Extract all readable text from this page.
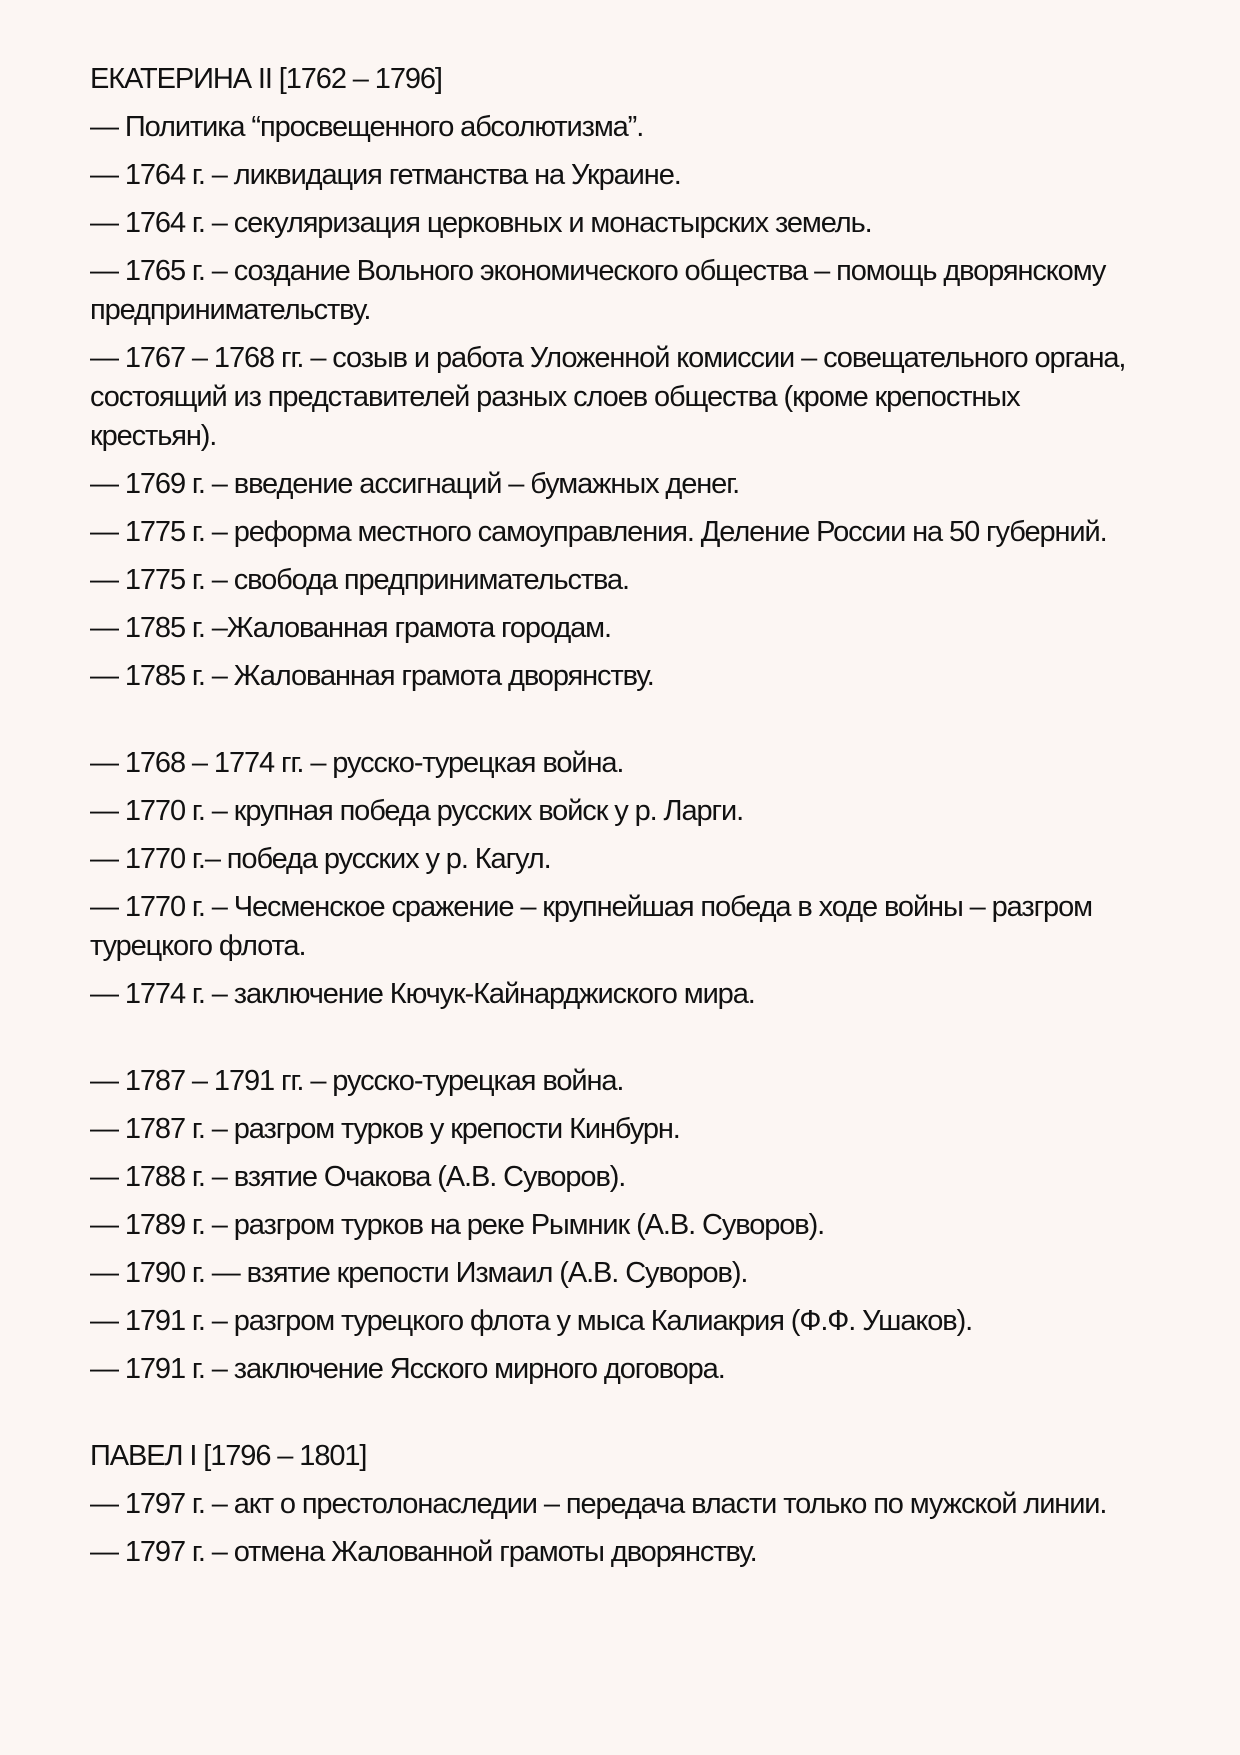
ЕКАТЕРИНА II [1762 – 1796]

— Политика “просвещенного абсолютизма”.

— 1764 г. – ликвидация гетманства на Украине.

— 1764 г. – секуляризация церковных и монастырских земель.

— 1765 г. – создание Вольного экономического общества – помощь дворянскому предпринимательству.

— 1767 – 1768 гг. – созыв и работа Уложенной комиссии – совещательного органа, состоящий из представителей разных слоев общества (кроме крепостных крестьян).

— 1769 г. – введение ассигнаций – бумажных денег.

— 1775 г. – реформа местного самоуправления. Деление России на 50 губерний.

— 1775 г. – свобода предпринимательства.

— 1785 г. –Жалованная грамота городам.

— 1785 г. – Жалованная грамота дворянству.

— 1768 – 1774 гг. – русско-турецкая война.

— 1770 г. – крупная победа русских войск у р. Ларги.

— 1770 г.– победа русских у р. Кагул.

— 1770 г. – Чесменское сражение – крупнейшая победа в ходе войны – разгром турецкого флота.

— 1774 г. – заключение Кючук-Кайнарджиского мира.

— 1787 – 1791 гг. – русско-турецкая война.

— 1787 г. – разгром турков у крепости Кинбурн.

— 1788 г. – взятие Очакова (А.В. Суворов).

— 1789 г. – разгром турков на реке Рымник (А.В. Суворов).

— 1790 г. — взятие крепости Измаил (А.В. Суворов).

— 1791 г. – разгром турецкого флота у мыса Калиакрия (Ф.Ф. Ушаков).

— 1791 г. – заключение Ясского мирного договора.

ПАВЕЛ I [1796 – 1801]

— 1797 г. – акт о престолонаследии – передача власти только по мужской линии.

— 1797 г. – отмена Жалованной грамоты дворянству.
